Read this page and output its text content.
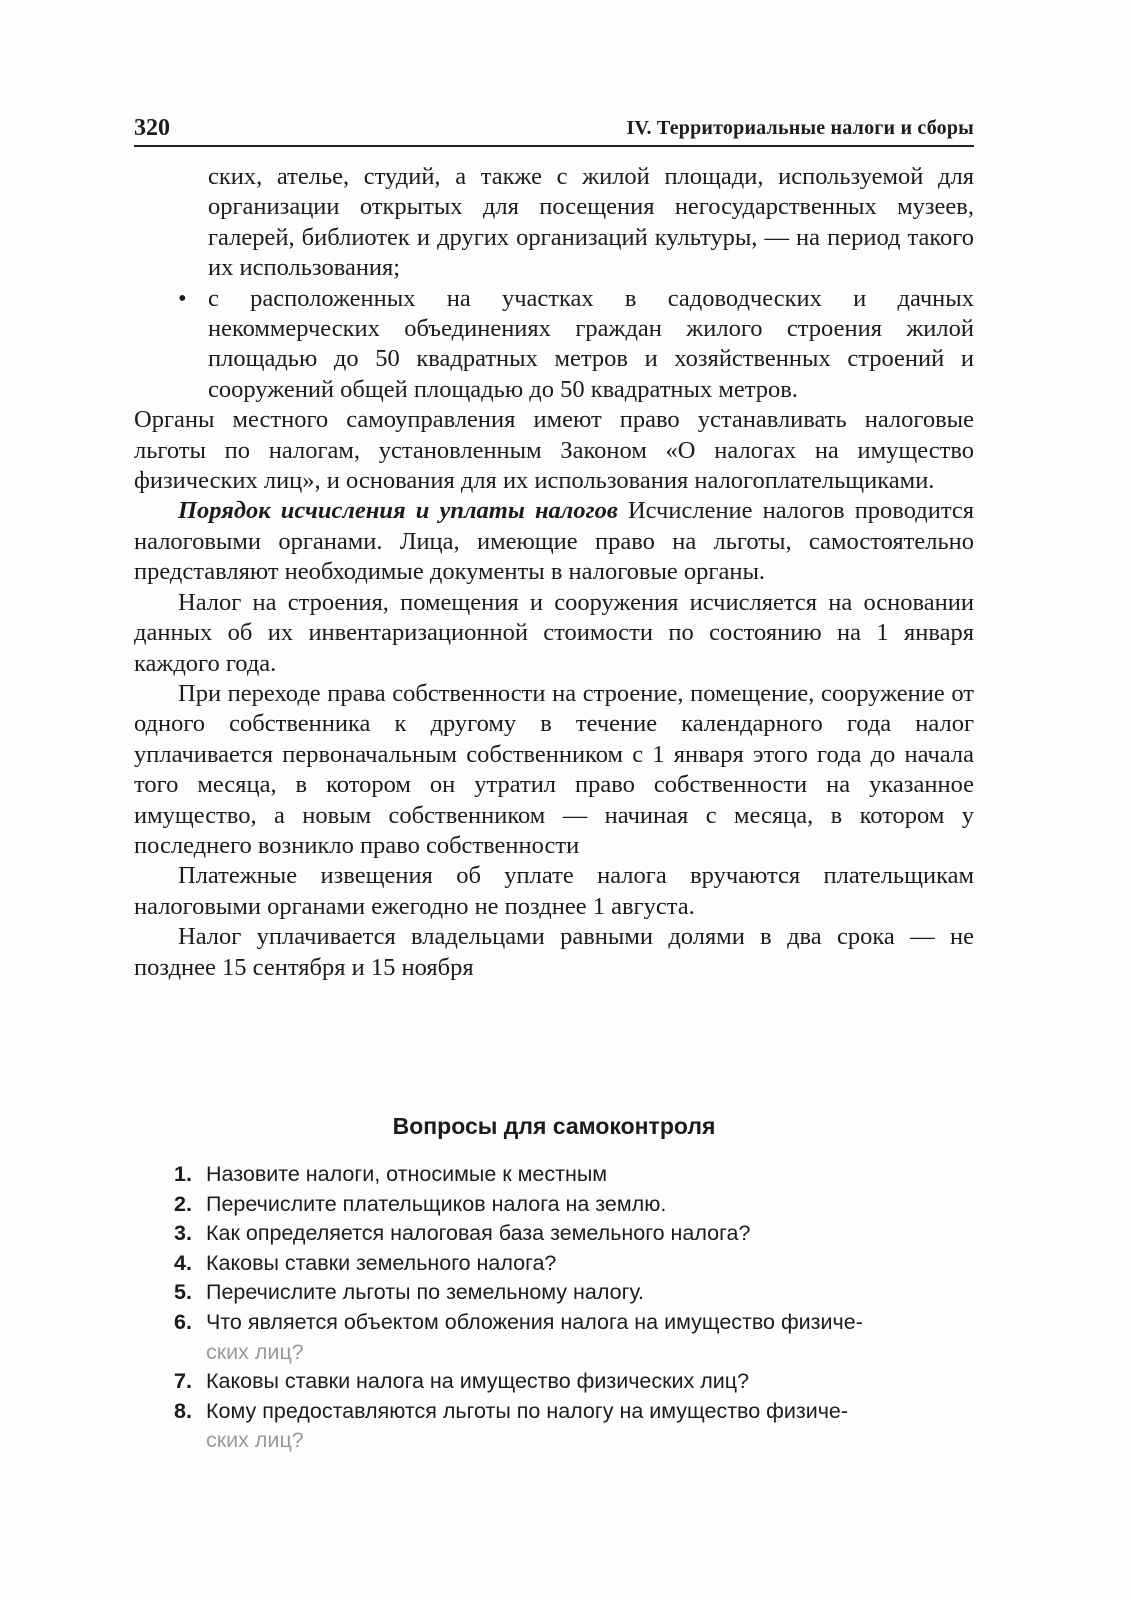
320	IV. Территориальные налоги и сборы

ских, ателье, студий, а также с жилой площади, используемой для организации открытых для посещения негосударственных музеев, галерей, библиотек и других организаций культуры, — на период такого их использования;

• с расположенных на участках в садоводческих и дачных некоммерческих объединениях граждан жилого строения жилой площадью до 50 квадратных метров и хозяйственных строений и сооружений общей площадью до 50 квадратных метров.

Органы местного самоуправления имеют право устанавливать налоговые льготы по налогам, установленным Законом «О налогах на имущество физических лиц», и основания для их использования налогоплательщиками.

Порядок исчисления и уплаты налогов Исчисление налогов проводится налоговыми органами. Лица, имеющие право на льготы, самостоятельно представляют необходимые документы в налоговые органы.

Налог на строения, помещения и сооружения исчисляется на основании данных об их инвентаризационной стоимости по состоянию на 1 января каждого года.

При переходе права собственности на строение, помещение, сооружение от одного собственника к другому в течение календарного года налог уплачивается первоначальным собственником с 1 января этого года до начала того месяца, в котором он утратил право собственности на указанное имущество, а новым собственником — начиная с месяца, в котором у последнего возникло право собственности

Платежные извещения об уплате налога вручаются плательщикам налоговыми органами ежегодно не позднее 1 августа.

Налог уплачивается владельцами равными долями в два срока — не позднее 15 сентября и 15 ноября

Вопросы для самоконтроля
1. Назовите налоги, относимые к местным
2. Перечислите плательщиков налога на землю.
3. Как определяется налоговая база земельного налога?
4. Каковы ставки земельного налога?
5. Перечислите льготы по земельному налогу.
6. Что является объектом обложения налога на имущество физиче-
ских лиц?
7. Каковы ставки налога на имущество физических лиц?
8. Кому предоставляются льготы по налогу на имущество физиче-
ских лиц?
